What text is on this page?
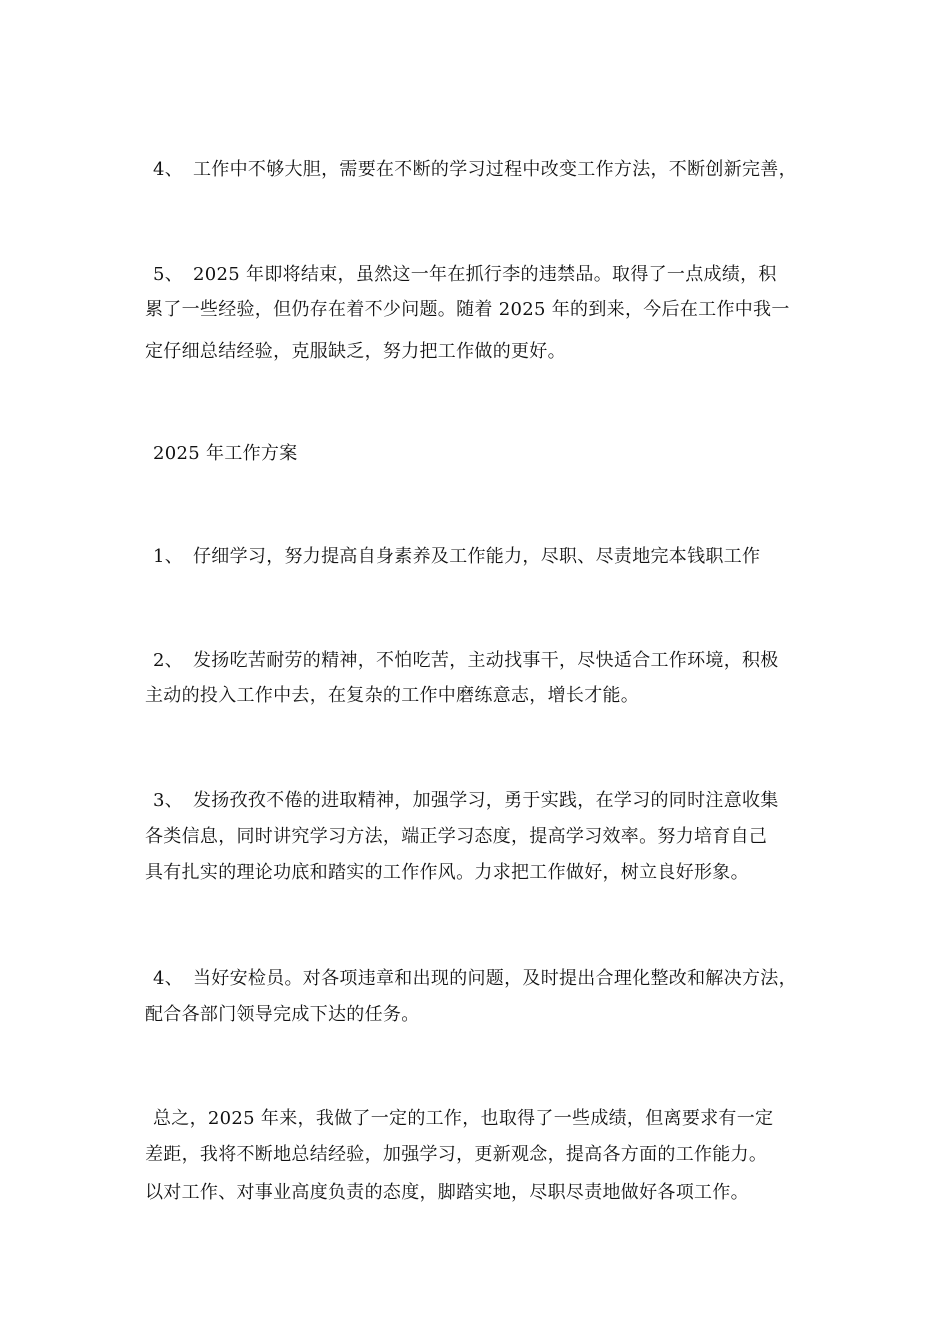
4、 工作中不够大胆，需要在不断的学习过程中改变工作方法，不断创新完善，
5、 2025 年即将结束，虽然这一年在抓行李的违禁品。取得了一点成绩，积
累了一些经验，但仍存在着不少问题。随着 2025 年的到来，今后在工作中我一
定仔细总结经验，克服缺乏，努力把工作做的更好。
2025 年工作方案
1、 仔细学习，努力提高自身素养及工作能力，尽职、尽责地完本钱职工作
2、 发扬吃苦耐劳的精神，不怕吃苦，主动找事干，尽快适合工作环境，积极
主动的投入工作中去，在复杂的工作中磨练意志，增长才能。
3、 发扬孜孜不倦的进取精神，加强学习，勇于实践，在学习的同时注意收集
各类信息，同时讲究学习方法，端正学习态度，提高学习效率。努力培育自己
具有扎实的理论功底和踏实的工作作风。力求把工作做好，树立良好形象。
4、 当好安检员。对各项违章和出现的问题，及时提出合理化整改和解决方法，
配合各部门领导完成下达的任务。
总之，2025 年来，我做了一定的工作，也取得了一些成绩，但离要求有一定
差距，我将不断地总结经验，加强学习，更新观念，提高各方面的工作能力。
以对工作、对事业高度负责的态度，脚踏实地，尽职尽责地做好各项工作。
